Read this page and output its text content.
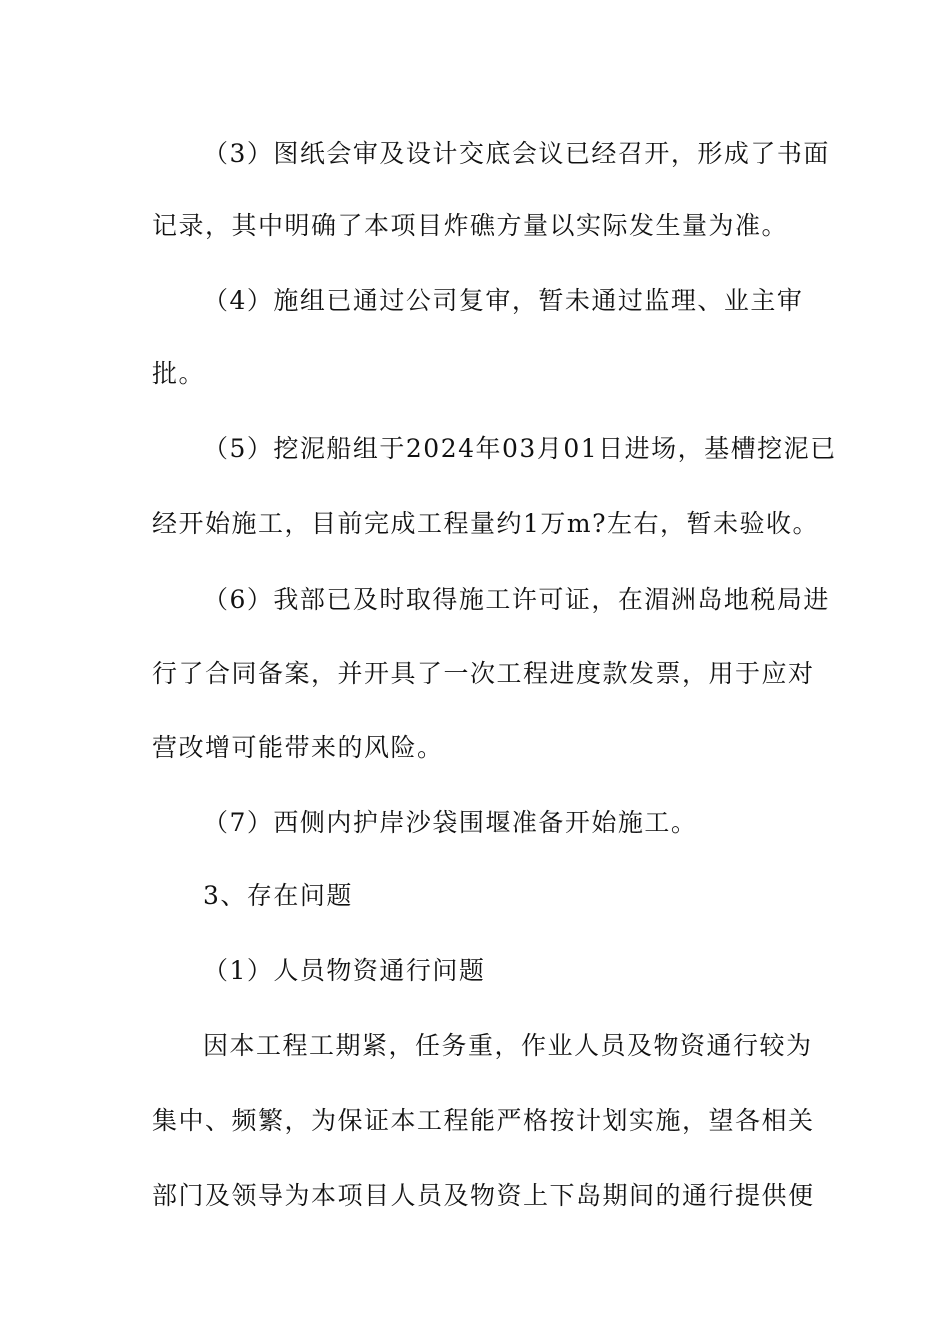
（3）图纸会审及设计交底会议已经召开，形成了书面
记录，其中明确了本项目炸礁方量以实际发生量为准。
（4）施组已通过公司复审，暂未通过监理、业主审
批。
（5）挖泥船组于2024年03月01日进场，基槽挖泥已
经开始施工，目前完成工程量约1万m?左右，暂未验收。
（6）我部已及时取得施工许可证，在湄洲岛地税局进
行了合同备案，并开具了一次工程进度款发票，用于应对
营改增可能带来的风险。
（7）西侧内护岸沙袋围堰准备开始施工。
3、存在问题
（1）人员物资通行问题
因本工程工期紧，任务重，作业人员及物资通行较为
集中、频繁，为保证本工程能严格按计划实施，望各相关
部门及领导为本项目人员及物资上下岛期间的通行提供便
